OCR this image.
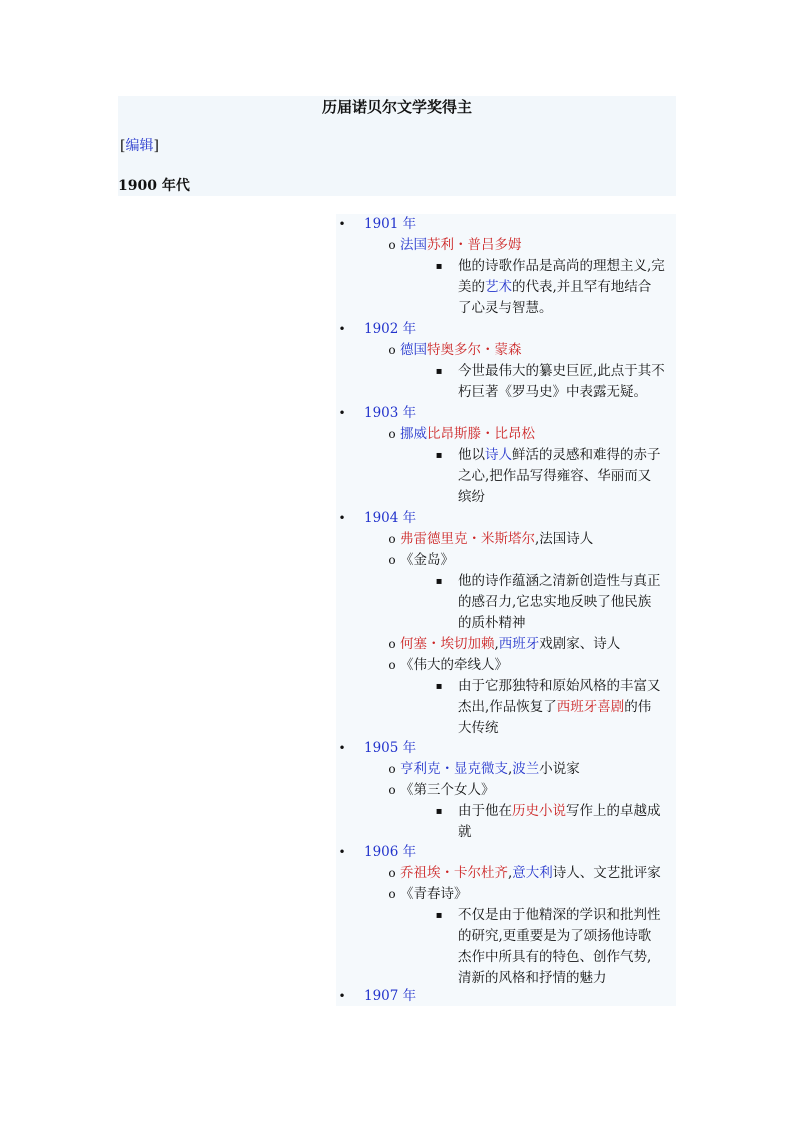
历届诺贝尔文学奖得主
[编辑]
1900 年代
• 1901 年
o 法国苏利・普吕多姆
▪ 他的诗歌作品是高尚的理想主义,完
美的艺术的代表,并且罕有地结合
了心灵与智慧。
• 1902 年
o 德国特奥多尔・蒙森
▪ 今世最伟大的纂史巨匠,此点于其不
朽巨著《罗马史》中表露无疑。
• 1903 年
o 挪威比昂斯滕・比昂松
▪ 他以诗人鲜活的灵感和难得的赤子
之心,把作品写得雍容、华丽而又
缤纷
• 1904 年
o 弗雷德里克・米斯塔尔,法国诗人
o 《金岛》
▪ 他的诗作蕴涵之清新创造性与真正
的感召力,它忠实地反映了他民族
的质朴精神
o 何塞・埃切加赖,西班牙戏剧家、诗人
o 《伟大的牵线人》
▪ 由于它那独特和原始风格的丰富又
杰出,作品恢复了西班牙喜剧的伟
大传统
• 1905 年
o 亨利克・显克微支,波兰小说家
o 《第三个女人》
▪ 由于他在历史小说写作上的卓越成
就
• 1906 年
o 乔祖埃・卡尔杜齐,意大利诗人、文艺批评家
o 《青春诗》
▪ 不仅是由于他精深的学识和批判性
的研究,更重要是为了颂扬他诗歌
杰作中所具有的特色、创作气势,
清新的风格和抒情的魅力
• 1907 年
